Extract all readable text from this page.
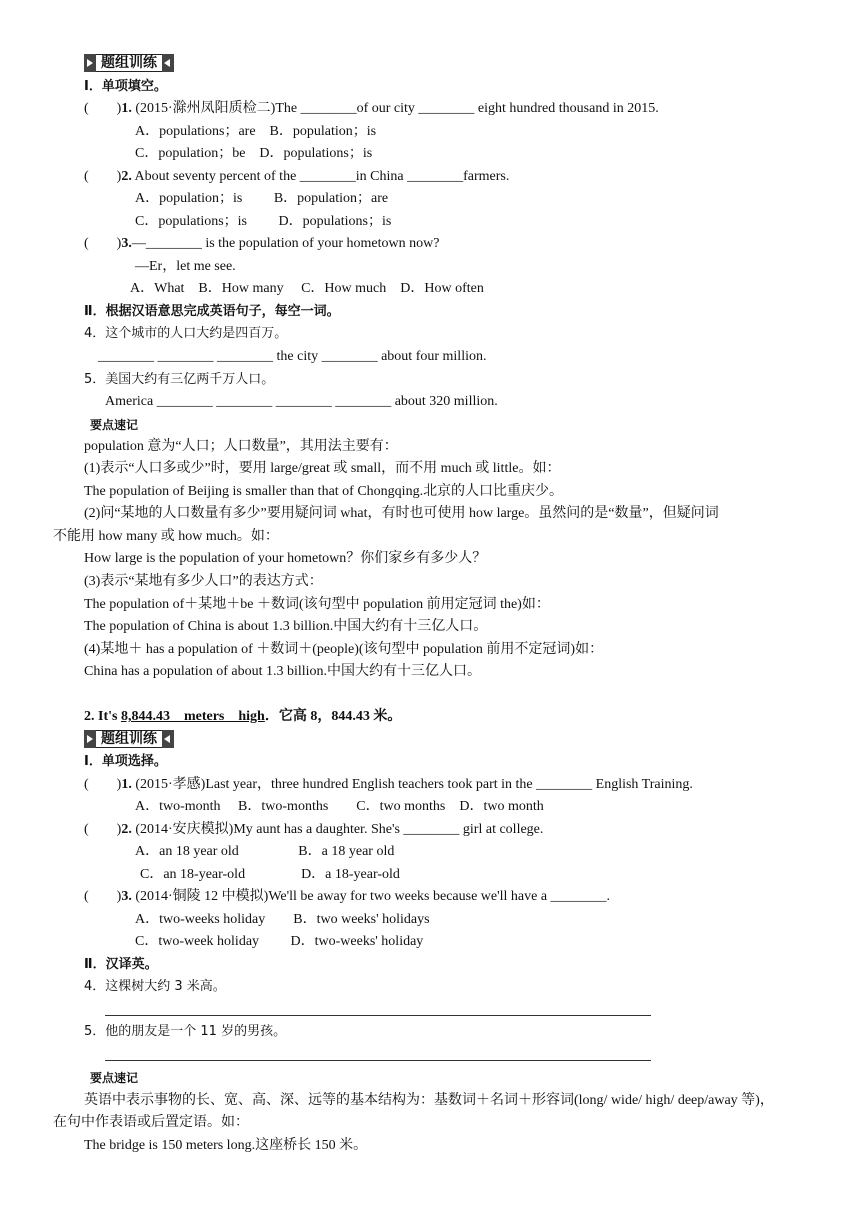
题组训练
Ⅰ．单项填空。
(　　)1. (2015·滁州凤阳质检二)The ________of our city ________ eight hundred thousand in 2015.
A．populations；are　B．population；is
C．population；be　D．populations；is
(　　)2. About seventy percent of the ________in China ________farmers.
A．population；is　　 B．population；are
C．populations；is　　 D．populations；is
(　　)3.—________ is the population of your hometown now?
—Er，let me see.
A．What　B．How many　 C．How much　D．How often
Ⅱ．根据汉语意思完成英语句子，每空一词。
4．这个城市的人口大约是四百万。
________ ________ ________ the city ________ about four million.
5．美国大约有三亿两千万人口。
America ________ ________ ________ ________ about 320 million.
要点速记
population 意为“人口；人口数量”，其用法主要有：
(1)表示“人口多或少”时，要用 large/great 或 small，而不用 much 或 little。如：
The population of Beijing is smaller than that of Chongqing.北京的人口比重庆少。
(2)问“某地的人口数量有多少”要用疑问词 what，有时也可使用 how large。虽然问的是“数量”，但疑问词
不能用 how many 或 how much。如：
How large is the population of your hometown？你们家乡有多少人？
(3)表示“某地有多少人口”的表达方式：
The population of＋某地＋be ＋数词(该句型中 population 前用定冠词 the)如：
The population of China is about 1.3 billion.中国大约有十三亿人口。
(4)某地＋ has a population of ＋数词＋(people)(该句型中 population 前用不定冠词)如：
China has a population of about 1.3 billion.中国大约有十三亿人口。
2. It's 8,844.43　meters　high．它高 8，844.43 米。
题组训练
Ⅰ．单项选择。
(　　)1. (2015·孝感)Last year，three hundred English teachers took part in the ________ English Training.
A．two-month　 B．two-months　　C．two months　D．two month
(　　)2. (2014·安庆模拟)My aunt has a daughter. She's ________ girl at college.
A．an 18 year old　　　　 B．a 18 year old
C．an 18-year-old　　　　D．a 18-year-old
(　　)3. (2014·铜陵 12 中模拟)We'll be away for two weeks because we'll have a ________.
A．two-weeks holiday　　B．two weeks' holidays
C．two-week holiday　　 D．two-weeks' holiday
Ⅱ．汉译英。
4．这棵树大约 3 米高。
5．他的朋友是一个 11 岁的男孩。
要点速记
英语中表示事物的长、宽、高、深、远等的基本结构为：基数词＋名词＋形容词(long/ wide/ high/ deep/away 等)，
在句中作表语或后置定语。如：
The bridge is 150 meters long.这座桥长 150 米。
